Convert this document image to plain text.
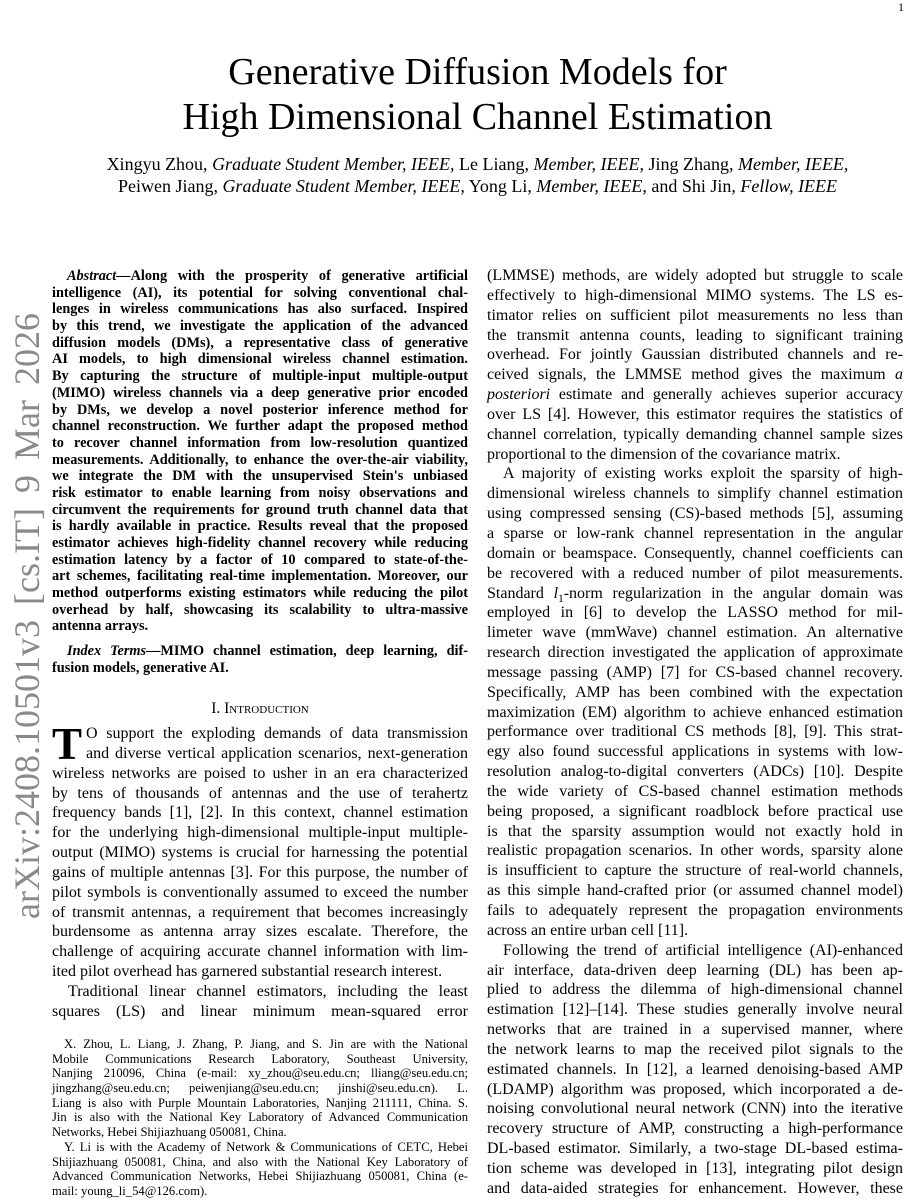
1
arXiv:2408.10501v3 [cs.IT] 9 Mar 2026
Generative Diffusion Models for
High Dimensional Channel Estimation
Xingyu Zhou, Graduate Student Member, IEEE, Le Liang, Member, IEEE, Jing Zhang, Member, IEEE,
Peiwen Jiang, Graduate Student Member, IEEE, Yong Li, Member, IEEE, and Shi Jin, Fellow, IEEE
Abstract—Along with the prosperity of generative artificial
intelligence (AI), its potential for solving conventional chal-
lenges in wireless communications has also surfaced. Inspired
by this trend, we investigate the application of the advanced
diffusion models (DMs), a representative class of generative
AI models, to high dimensional wireless channel estimation.
By capturing the structure of multiple-input multiple-output
(MIMO) wireless channels via a deep generative prior encoded
by DMs, we develop a novel posterior inference method for
channel reconstruction. We further adapt the proposed method
to recover channel information from low-resolution quantized
measurements. Additionally, to enhance the over-the-air viability,
we integrate the DM with the unsupervised Stein's unbiased
risk estimator to enable learning from noisy observations and
circumvent the requirements for ground truth channel data that
is hardly available in practice. Results reveal that the proposed
estimator achieves high-fidelity channel recovery while reducing
estimation latency by a factor of 10 compared to state-of-the-
art schemes, facilitating real-time implementation. Moreover, our
method outperforms existing estimators while reducing the pilot
overhead by half, showcasing its scalability to ultra-massive
antenna arrays.
Index Terms—MIMO channel estimation, deep learning, dif-
fusion models, generative AI.
I. Introduction
T O support the exploding demands of data transmission
and diverse vertical application scenarios, next-generation
wireless networks are poised to usher in an era characterized
by tens of thousands of antennas and the use of terahertz
frequency bands [1], [2]. In this context, channel estimation
for the underlying high-dimensional multiple-input multiple-
output (MIMO) systems is crucial for harnessing the potential
gains of multiple antennas [3]. For this purpose, the number of
pilot symbols is conventionally assumed to exceed the number
of transmit antennas, a requirement that becomes increasingly
burdensome as antenna array sizes escalate. Therefore, the
challenge of acquiring accurate channel information with lim-
ited pilot overhead has garnered substantial research interest.
Traditional linear channel estimators, including the least
squares (LS) and linear minimum mean-squared error
X. Zhou, L. Liang, J. Zhang, P. Jiang, and S. Jin are with the National
Mobile Communications Research Laboratory, Southeast University,
Nanjing 210096, China (e-mail: xy_zhou@seu.edu.cn; lliang@seu.edu.cn;
jingzhang@seu.edu.cn; peiwenjiang@seu.edu.cn; jinshi@seu.edu.cn). L.
Liang is also with Purple Mountain Laboratories, Nanjing 211111, China. S.
Jin is also with the National Key Laboratory of Advanced Communication
Networks, Hebei Shijiazhuang 050081, China.
Y. Li is with the Academy of Network & Communications of CETC, Hebei
Shijiazhuang 050081, China, and also with the National Key Laboratory of
Advanced Communication Networks, Hebei Shijiazhuang 050081, China (e-
mail: young_li_54@126.com).
(LMMSE) methods, are widely adopted but struggle to scale
effectively to high-dimensional MIMO systems. The LS es-
timator relies on sufficient pilot measurements no less than
the transmit antenna counts, leading to significant training
overhead. For jointly Gaussian distributed channels and re-
ceived signals, the LMMSE method gives the maximum a
posteriori estimate and generally achieves superior accuracy
over LS [4]. However, this estimator requires the statistics of
channel correlation, typically demanding channel sample sizes
proportional to the dimension of the covariance matrix.
A majority of existing works exploit the sparsity of high-
dimensional wireless channels to simplify channel estimation
using compressed sensing (CS)-based methods [5], assuming
a sparse or low-rank channel representation in the angular
domain or beamspace. Consequently, channel coefficients can
be recovered with a reduced number of pilot measurements.
Standard $l_1$-norm regularization in the angular domain was
employed in [6] to develop the LASSO method for mil-
limeter wave (mmWave) channel estimation. An alternative
research direction investigated the application of approximate
message passing (AMP) [7] for CS-based channel recovery.
Specifically, AMP has been combined with the expectation
maximization (EM) algorithm to achieve enhanced estimation
performance over traditional CS methods [8], [9]. This strat-
egy also found successful applications in systems with low-
resolution analog-to-digital converters (ADCs) [10]. Despite
the wide variety of CS-based channel estimation methods
being proposed, a significant roadblock before practical use
is that the sparsity assumption would not exactly hold in
realistic propagation scenarios. In other words, sparsity alone
is insufficient to capture the structure of real-world channels,
as this simple hand-crafted prior (or assumed channel model)
fails to adequately represent the propagation environments
across an entire urban cell [11].
Following the trend of artificial intelligence (AI)-enhanced
air interface, data-driven deep learning (DL) has been ap-
plied to address the dilemma of high-dimensional channel
estimation [12]–[14]. These studies generally involve neural
networks that are trained in a supervised manner, where
the network learns to map the received pilot signals to the
estimated channels. In [12], a learned denoising-based AMP
(LDAMP) algorithm was proposed, which incorporated a de-
noising convolutional neural network (CNN) into the iterative
recovery structure of AMP, constructing a high-performance
DL-based estimator. Similarly, a two-stage DL-based estima-
tion scheme was developed in [13], integrating pilot design
and data-aided strategies for enhancement. However, these
